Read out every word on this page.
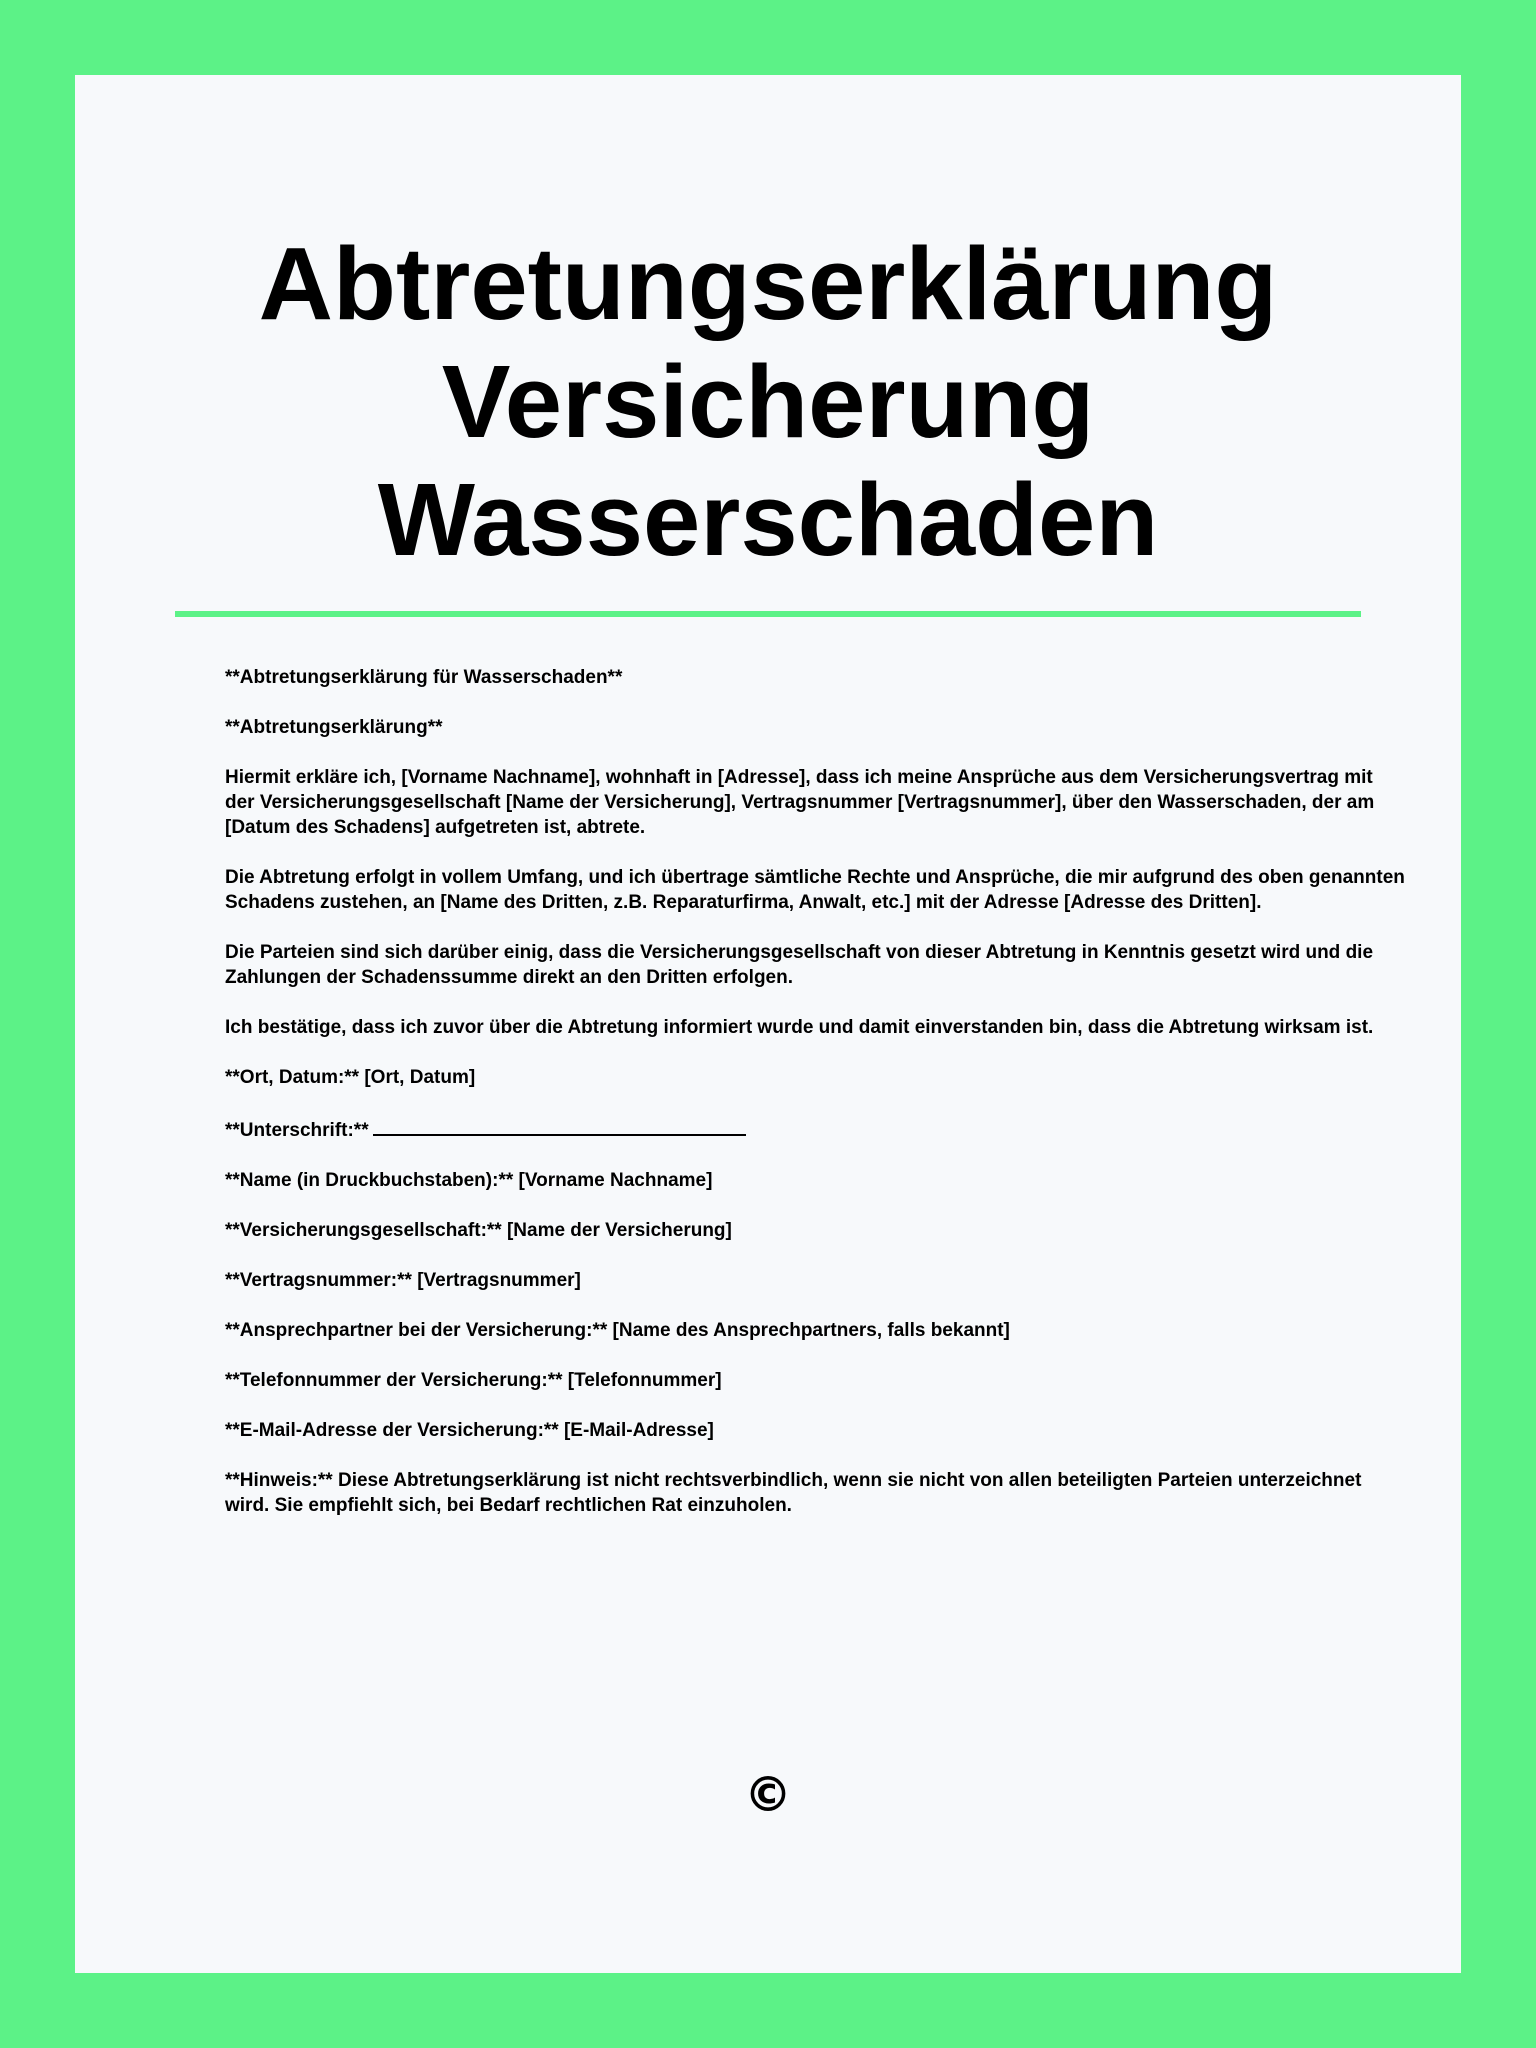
Abtretungserklärung
Versicherung
Wasserschaden

**Abtretungserklärung für Wasserschaden**

**Abtretungserklärung**

Hiermit erkläre ich, [Vorname Nachname], wohnhaft in [Adresse], dass ich meine Ansprüche aus dem Versicherungsvertrag mit der Versicherungsgesellschaft [Name der Versicherung], Vertragsnummer [Vertragsnummer], über den Wasserschaden, der am [Datum des Schadens] aufgetreten ist, abtrete.

Die Abtretung erfolgt in vollem Umfang, und ich übertrage sämtliche Rechte und Ansprüche, die mir aufgrund des oben genannten Schadens zustehen, an [Name des Dritten, z.B. Reparaturfirma, Anwalt, etc.] mit der Adresse [Adresse des Dritten].

Die Parteien sind sich darüber einig, dass die Versicherungsgesellschaft von dieser Abtretung in Kenntnis gesetzt wird und die Zahlungen der Schadenssumme direkt an den Dritten erfolgen.

Ich bestätige, dass ich zuvor über die Abtretung informiert wurde und damit einverstanden bin, dass die Abtretung wirksam ist.

**Ort, Datum:** [Ort, Datum]

**Unterschrift:**

**Name (in Druckbuchstaben):** [Vorname Nachname]

**Versicherungsgesellschaft:** [Name der Versicherung]

**Vertragsnummer:** [Vertragsnummer]

**Ansprechpartner bei der Versicherung:** [Name des Ansprechpartners, falls bekannt]

**Telefonnummer der Versicherung:** [Telefonnummer]

**E-Mail-Adresse der Versicherung:** [E-Mail-Adresse]

**Hinweis:** Diese Abtretungserklärung ist nicht rechtsverbindlich, wenn sie nicht von allen beteiligten Parteien unterzeichnet wird. Sie empfiehlt sich, bei Bedarf rechtlichen Rat einzuholen.

©
